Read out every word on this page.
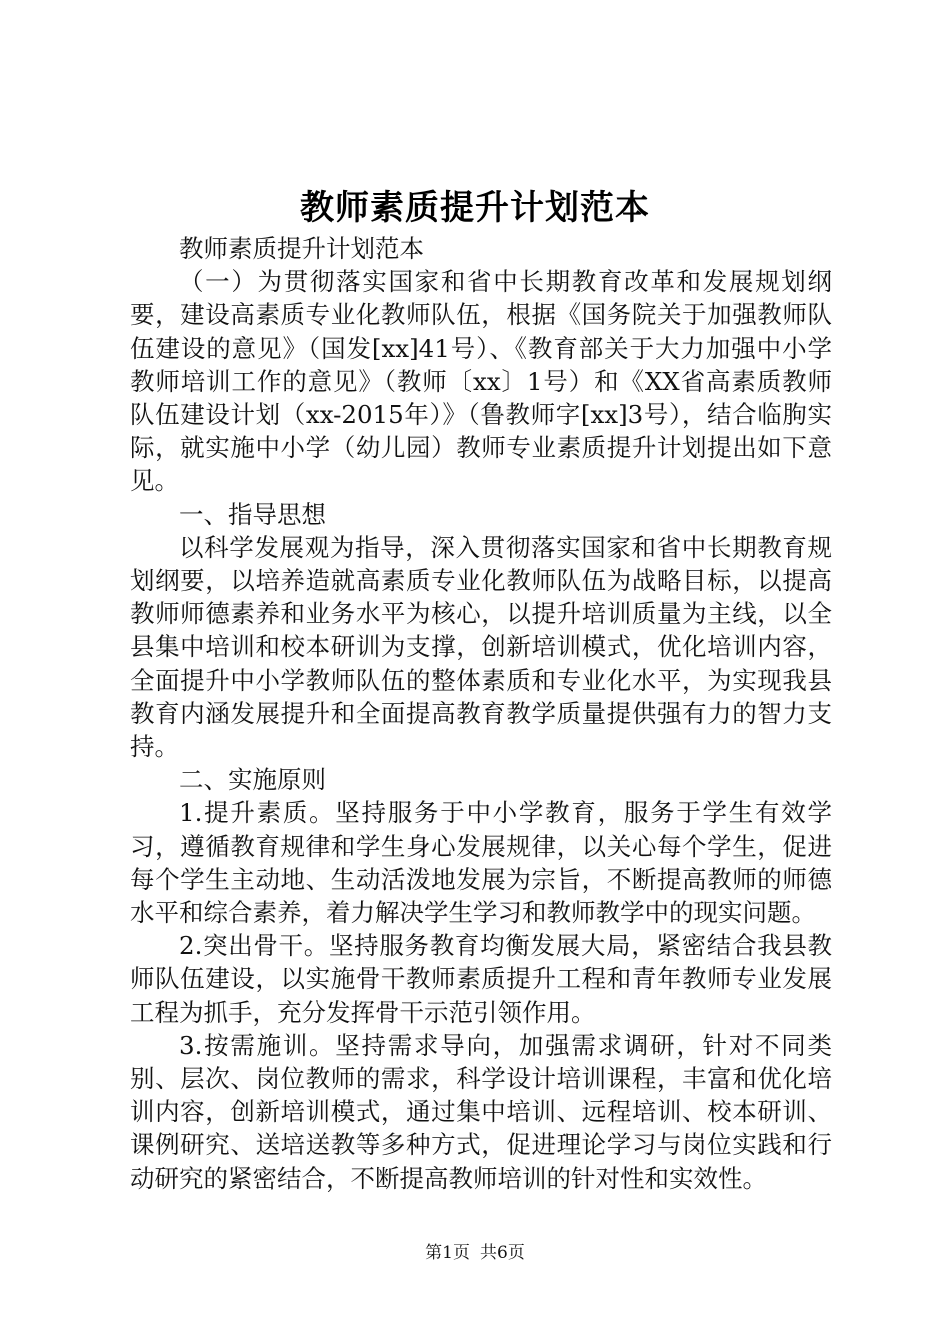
教师素质提升计划范本

教师素质提升计划范本

（一）为贯彻落实国家和省中长期教育改革和发展规划纲要，建设高素质专业化教师队伍，根据《国务院关于加强教师队伍建设的意见》（国发[xx]41号）、《教育部关于大力加强中小学教师培训工作的意见》（教师〔xx〕1号）和《XX省高素质教师队伍建设计划（xx-2015年）》（鲁教师字[xx]3号），结合临朐实际，就实施中小学（幼儿园）教师专业素质提升计划提出如下意见。

一、指导思想

以科学发展观为指导，深入贯彻落实国家和省中长期教育规划纲要，以培养造就高素质专业化教师队伍为战略目标，以提高教师师德素养和业务水平为核心，以提升培训质量为主线，以全县集中培训和校本研训为支撑，创新培训模式，优化培训内容，全面提升中小学教师队伍的整体素质和专业化水平，为实现我县教育内涵发展提升和全面提高教育教学质量提供强有力的智力支持。

二、实施原则

1.提升素质。坚持服务于中小学教育，服务于学生有效学习，遵循教育规律和学生身心发展规律，以关心每个学生，促进每个学生主动地、生动活泼地发展为宗旨，不断提高教师的师德水平和综合素养，着力解决学生学习和教师教学中的现实问题。

2.突出骨干。坚持服务教育均衡发展大局，紧密结合我县教师队伍建设，以实施骨干教师素质提升工程和青年教师专业发展工程为抓手，充分发挥骨干示范引领作用。

3.按需施训。坚持需求导向，加强需求调研，针对不同类别、层次、岗位教师的需求，科学设计培训课程，丰富和优化培训内容，创新培训模式，通过集中培训、远程培训、校本研训、课例研究、送培送教等多种方式，促进理论学习与岗位实践和行动研究的紧密结合，不断提高教师培训的针对性和实效性。

第1页 共6页
